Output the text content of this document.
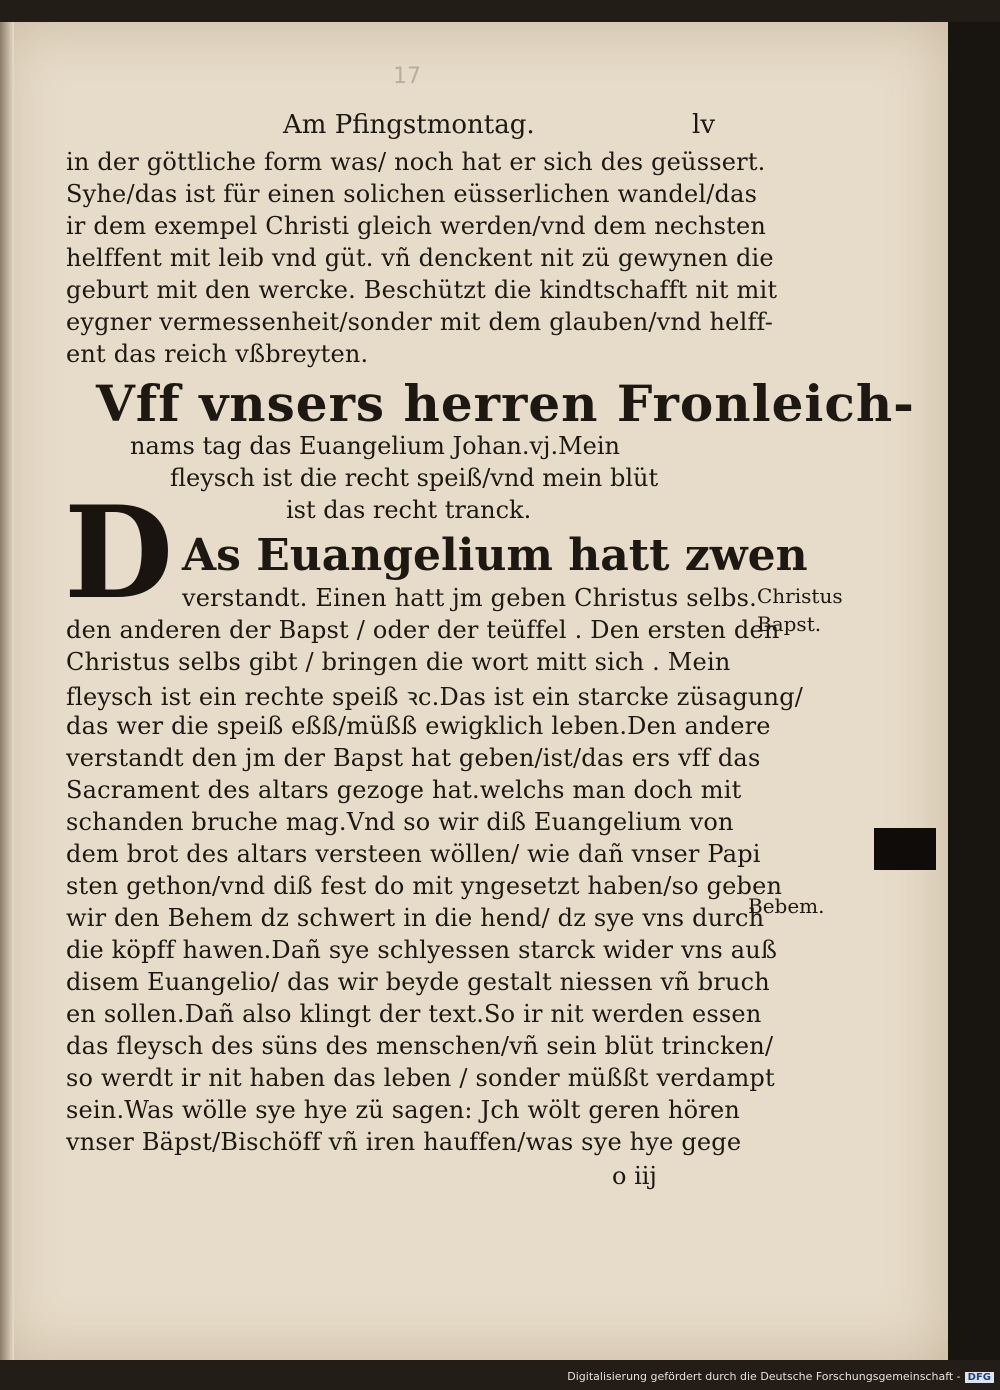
17
Am Pfingstmontag.	lv
in der göttliche form was/ noch hat er sich des geüssert.
Syhe/das ist für einen solichen eüsserlichen wandel/das
ir dem exempel Christi gleich werden/vnd dem nechsten
helffent mit leib vnd güt. vñ denckent nit zü gewynen die
geburt mit den wercke. Beschützt die kindtschafft nit mit
eygner vermessenheit/sonder mit dem glauben/vnd helff-
ent das reich vßbreyten.
Vff vnsers herren Fronleich-
nams tag das Euangelium Johan.vj.Mein
fleysch ist die recht speiß/vnd mein blüt
ist das recht tranck.
D As Euangelium hatt zwen
verstandt. Einen hatt jm geben Christus selbs.
den anderen der Bapst / oder der teüffel . Den ersten den
Christus selbs gibt / bringen die wort mitt sich . Mein
fleysch ist ein rechte speiß ꝛc.Das ist ein starcke züsagung/
das wer die speiß eßß/müßß ewigklich leben.Den andere
verstandt den jm der Bapst hat geben/ist/das ers vff das
Sacrament des altars gezoge hat.welchs man doch mit
schanden bruche mag.Vnd so wir diß Euangelium von
dem brot des altars versteen wöllen/ wie dañ vnser Papi
sten gethon/vnd diß fest do mit yngesetzt haben/so geben
wir den Behem dz schwert in die hend/ dz sye vns durch
die köpff hawen.Dañ sye schlyessen starck wider vns auß
disem Euangelio/ das wir beyde gestalt niessen vñ bruch
en sollen.Dañ also klingt der text.So ir nit werden essen
das fleysch des süns des menschen/vñ sein blüt trincken/
so werdt ir nit haben das leben / sonder müßßt verdampt
sein.Was wölle sye hye zü sagen: Jch wölt geren hören
vnser Bäpst/Bischöff vñ iren hauffen/was sye hye gege
o iij
Christus
Bapst.
Bebem.
Digitalisierung gefördert durch die Deutsche Forschungsgemeinschaft - DFG
